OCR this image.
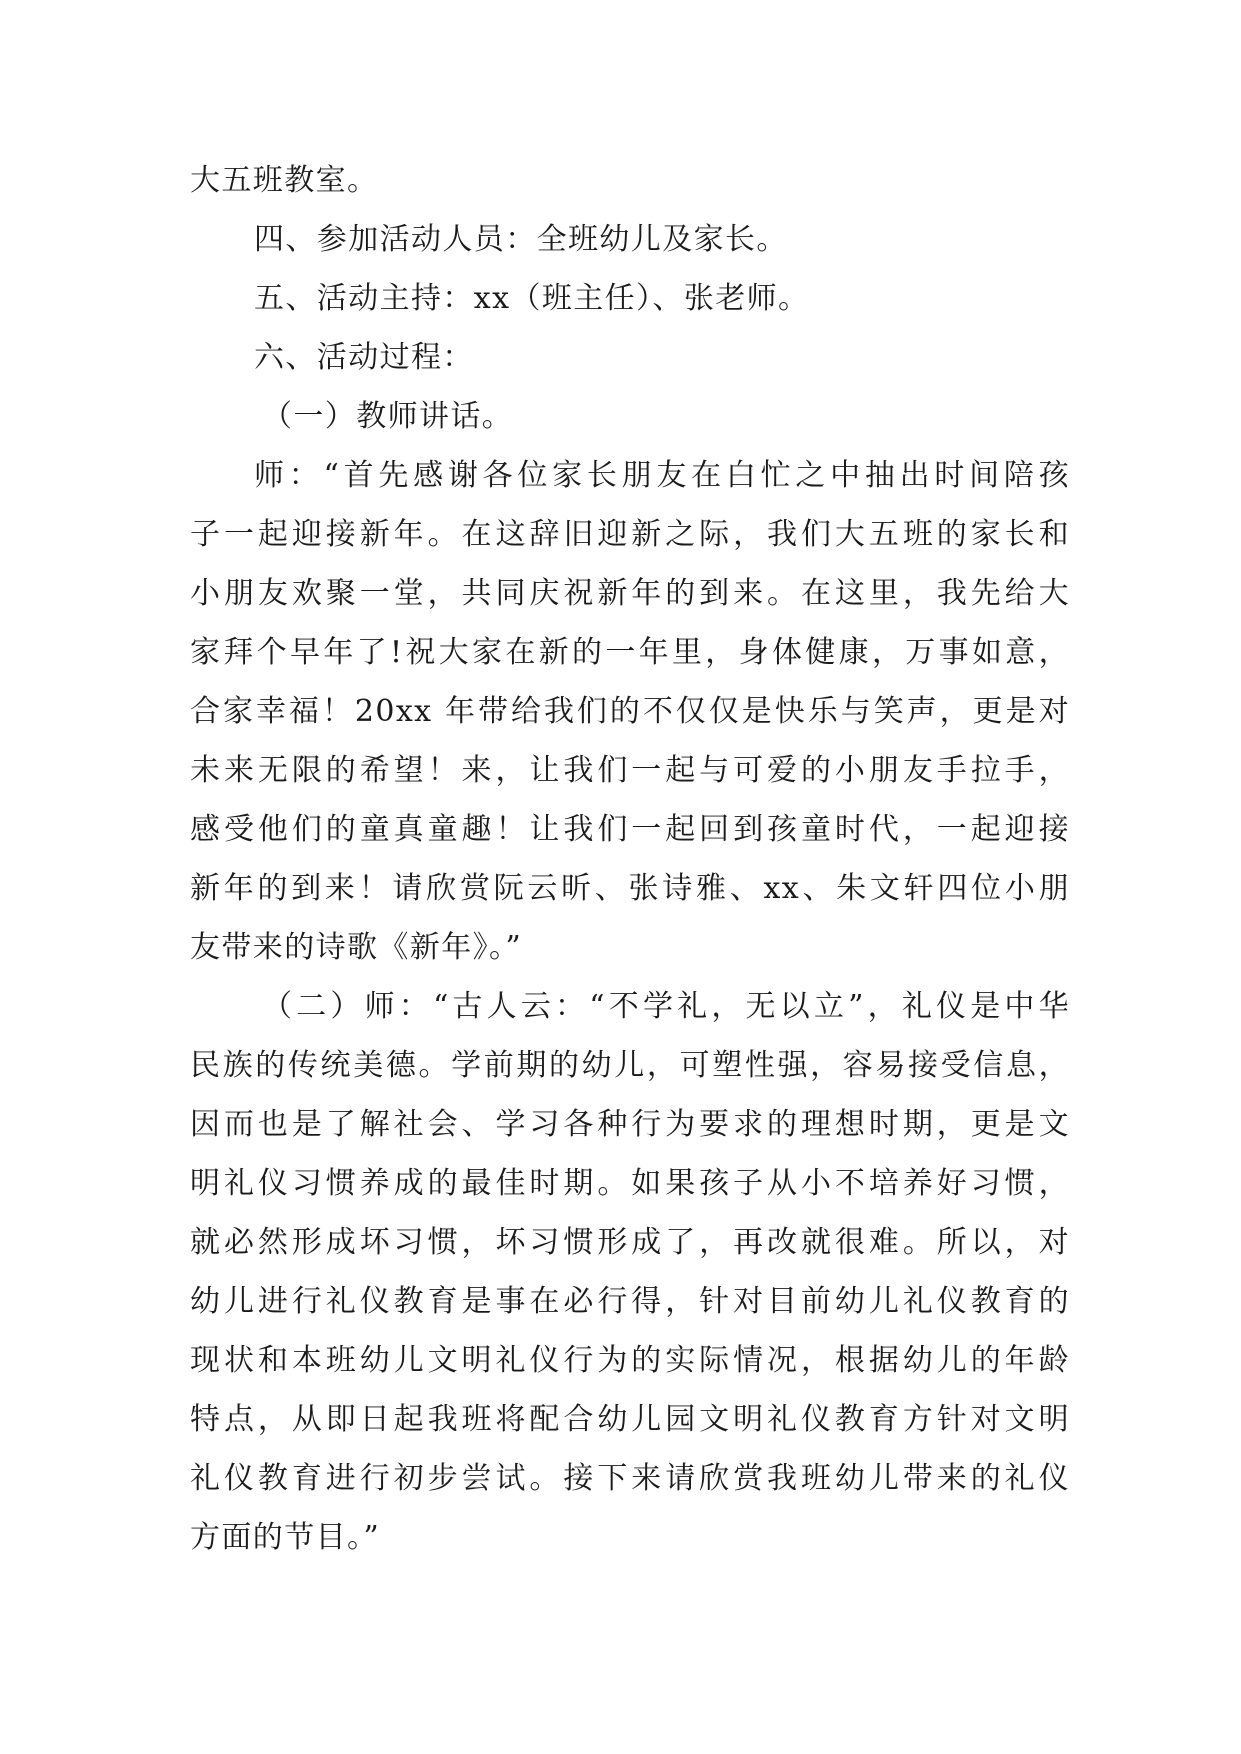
大五班教室。
四、参加活动人员：全班幼儿及家长。
五、活动主持：xx（班主任）、张老师。
六、活动过程：
（一）教师讲话。
师：“首先感谢各位家长朋友在白忙之中抽出时间陪孩
子一起迎接新年。在这辞旧迎新之际，我们大五班的家长和
小朋友欢聚一堂，共同庆祝新年的到来。在这里，我先给大
家拜个早年了!祝大家在新的一年里，身体健康，万事如意，
合家幸福！20xx 年带给我们的不仅仅是快乐与笑声，更是对
未来无限的希望！来，让我们一起与可爱的小朋友手拉手，
感受他们的童真童趣！让我们一起回到孩童时代，一起迎接
新年的到来！请欣赏阮云昕、张诗雅、xx、朱文轩四位小朋
友带来的诗歌《新年》。”
（二）师：“古人云：“不学礼，无以立”，礼仪是中华
民族的传统美德。学前期的幼儿，可塑性强，容易接受信息，
因而也是了解社会、学习各种行为要求的理想时期，更是文
明礼仪习惯养成的最佳时期。如果孩子从小不培养好习惯，
就必然形成坏习惯，坏习惯形成了，再改就很难。所以，对
幼儿进行礼仪教育是事在必行得，针对目前幼儿礼仪教育的
现状和本班幼儿文明礼仪行为的实际情况，根据幼儿的年龄
特点，从即日起我班将配合幼儿园文明礼仪教育方针对文明
礼仪教育进行初步尝试。接下来请欣赏我班幼儿带来的礼仪
方面的节目。”
